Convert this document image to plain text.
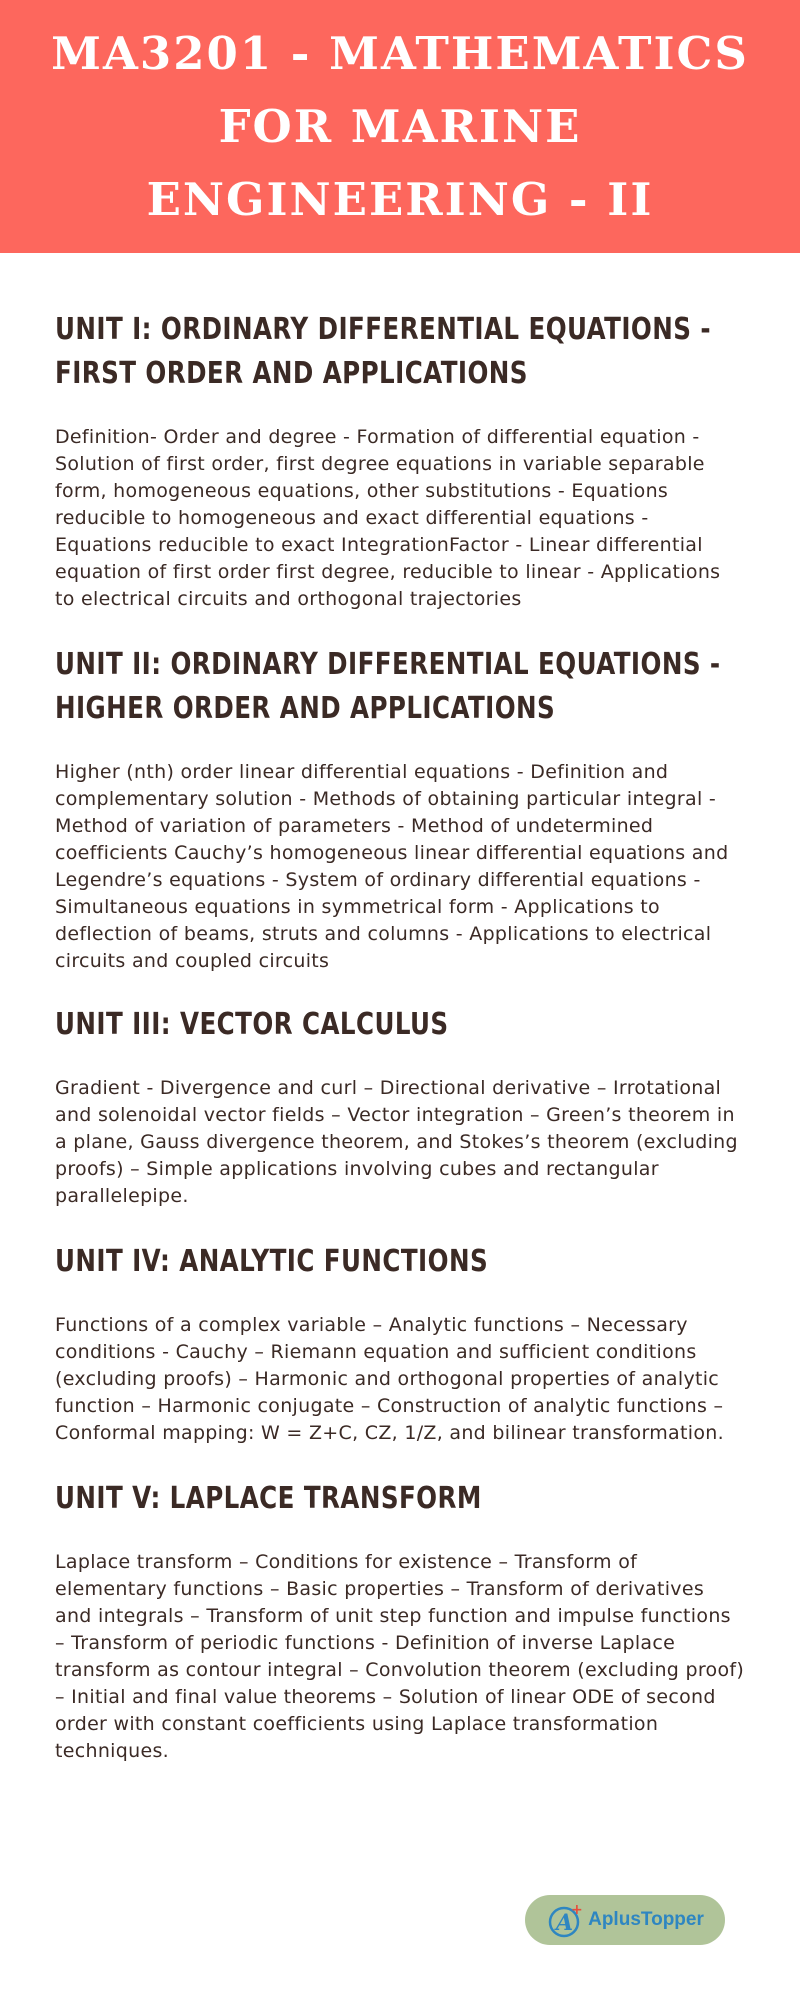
MA3201 - MATHEMATICS FOR MARINE ENGINEERING - II
UNIT I: ORDINARY DIFFERENTIAL EQUATIONS - FIRST ORDER AND APPLICATIONS

Definition- Order and degree - Formation of differential equation - Solution of first order, first degree equations in variable separable form, homogeneous equations, other substitutions - Equations reducible to homogeneous and exact differential equations - Equations reducible to exact IntegrationFactor - Linear differential equation of first order first degree, reducible to linear - Applications to electrical circuits and orthogonal trajectories

UNIT II: ORDINARY DIFFERENTIAL EQUATIONS - HIGHER ORDER AND APPLICATIONS

Higher (nth) order linear differential equations - Definition and complementary solution - Methods of obtaining particular integral - Method of variation of parameters - Method of undetermined coefficients Cauchy’s homogeneous linear differential equations and Legendre’s equations - System of ordinary differential equations - Simultaneous equations in symmetrical form - Applications to deflection of beams, struts and columns - Applications to electrical circuits and coupled circuits

UNIT III: VECTOR CALCULUS

Gradient - Divergence and curl – Directional derivative – Irrotational and solenoidal vector fields – Vector integration – Green’s theorem in a plane, Gauss divergence theorem, and Stokes’s theorem (excluding proofs) – Simple applications involving cubes and rectangular parallelepipe.

UNIT IV: ANALYTIC FUNCTIONS

Functions of a complex variable – Analytic functions – Necessary conditions - Cauchy – Riemann equation and sufficient conditions (excluding proofs) – Harmonic and orthogonal properties of analytic function – Harmonic conjugate – Construction of analytic functions – Conformal mapping: W = Z+C, CZ, 1/Z, and bilinear transformation.

UNIT V: LAPLACE TRANSFORM

Laplace transform – Conditions for existence – Transform of elementary functions – Basic properties – Transform of derivatives and integrals – Transform of unit step function and impulse functions – Transform of periodic functions - Definition of inverse Laplace transform as contour integral – Convolution theorem (excluding proof) – Initial and final value theorems – Solution of linear ODE of second order with constant coefficients using Laplace transformation techniques.

A
+ AplusTopper
